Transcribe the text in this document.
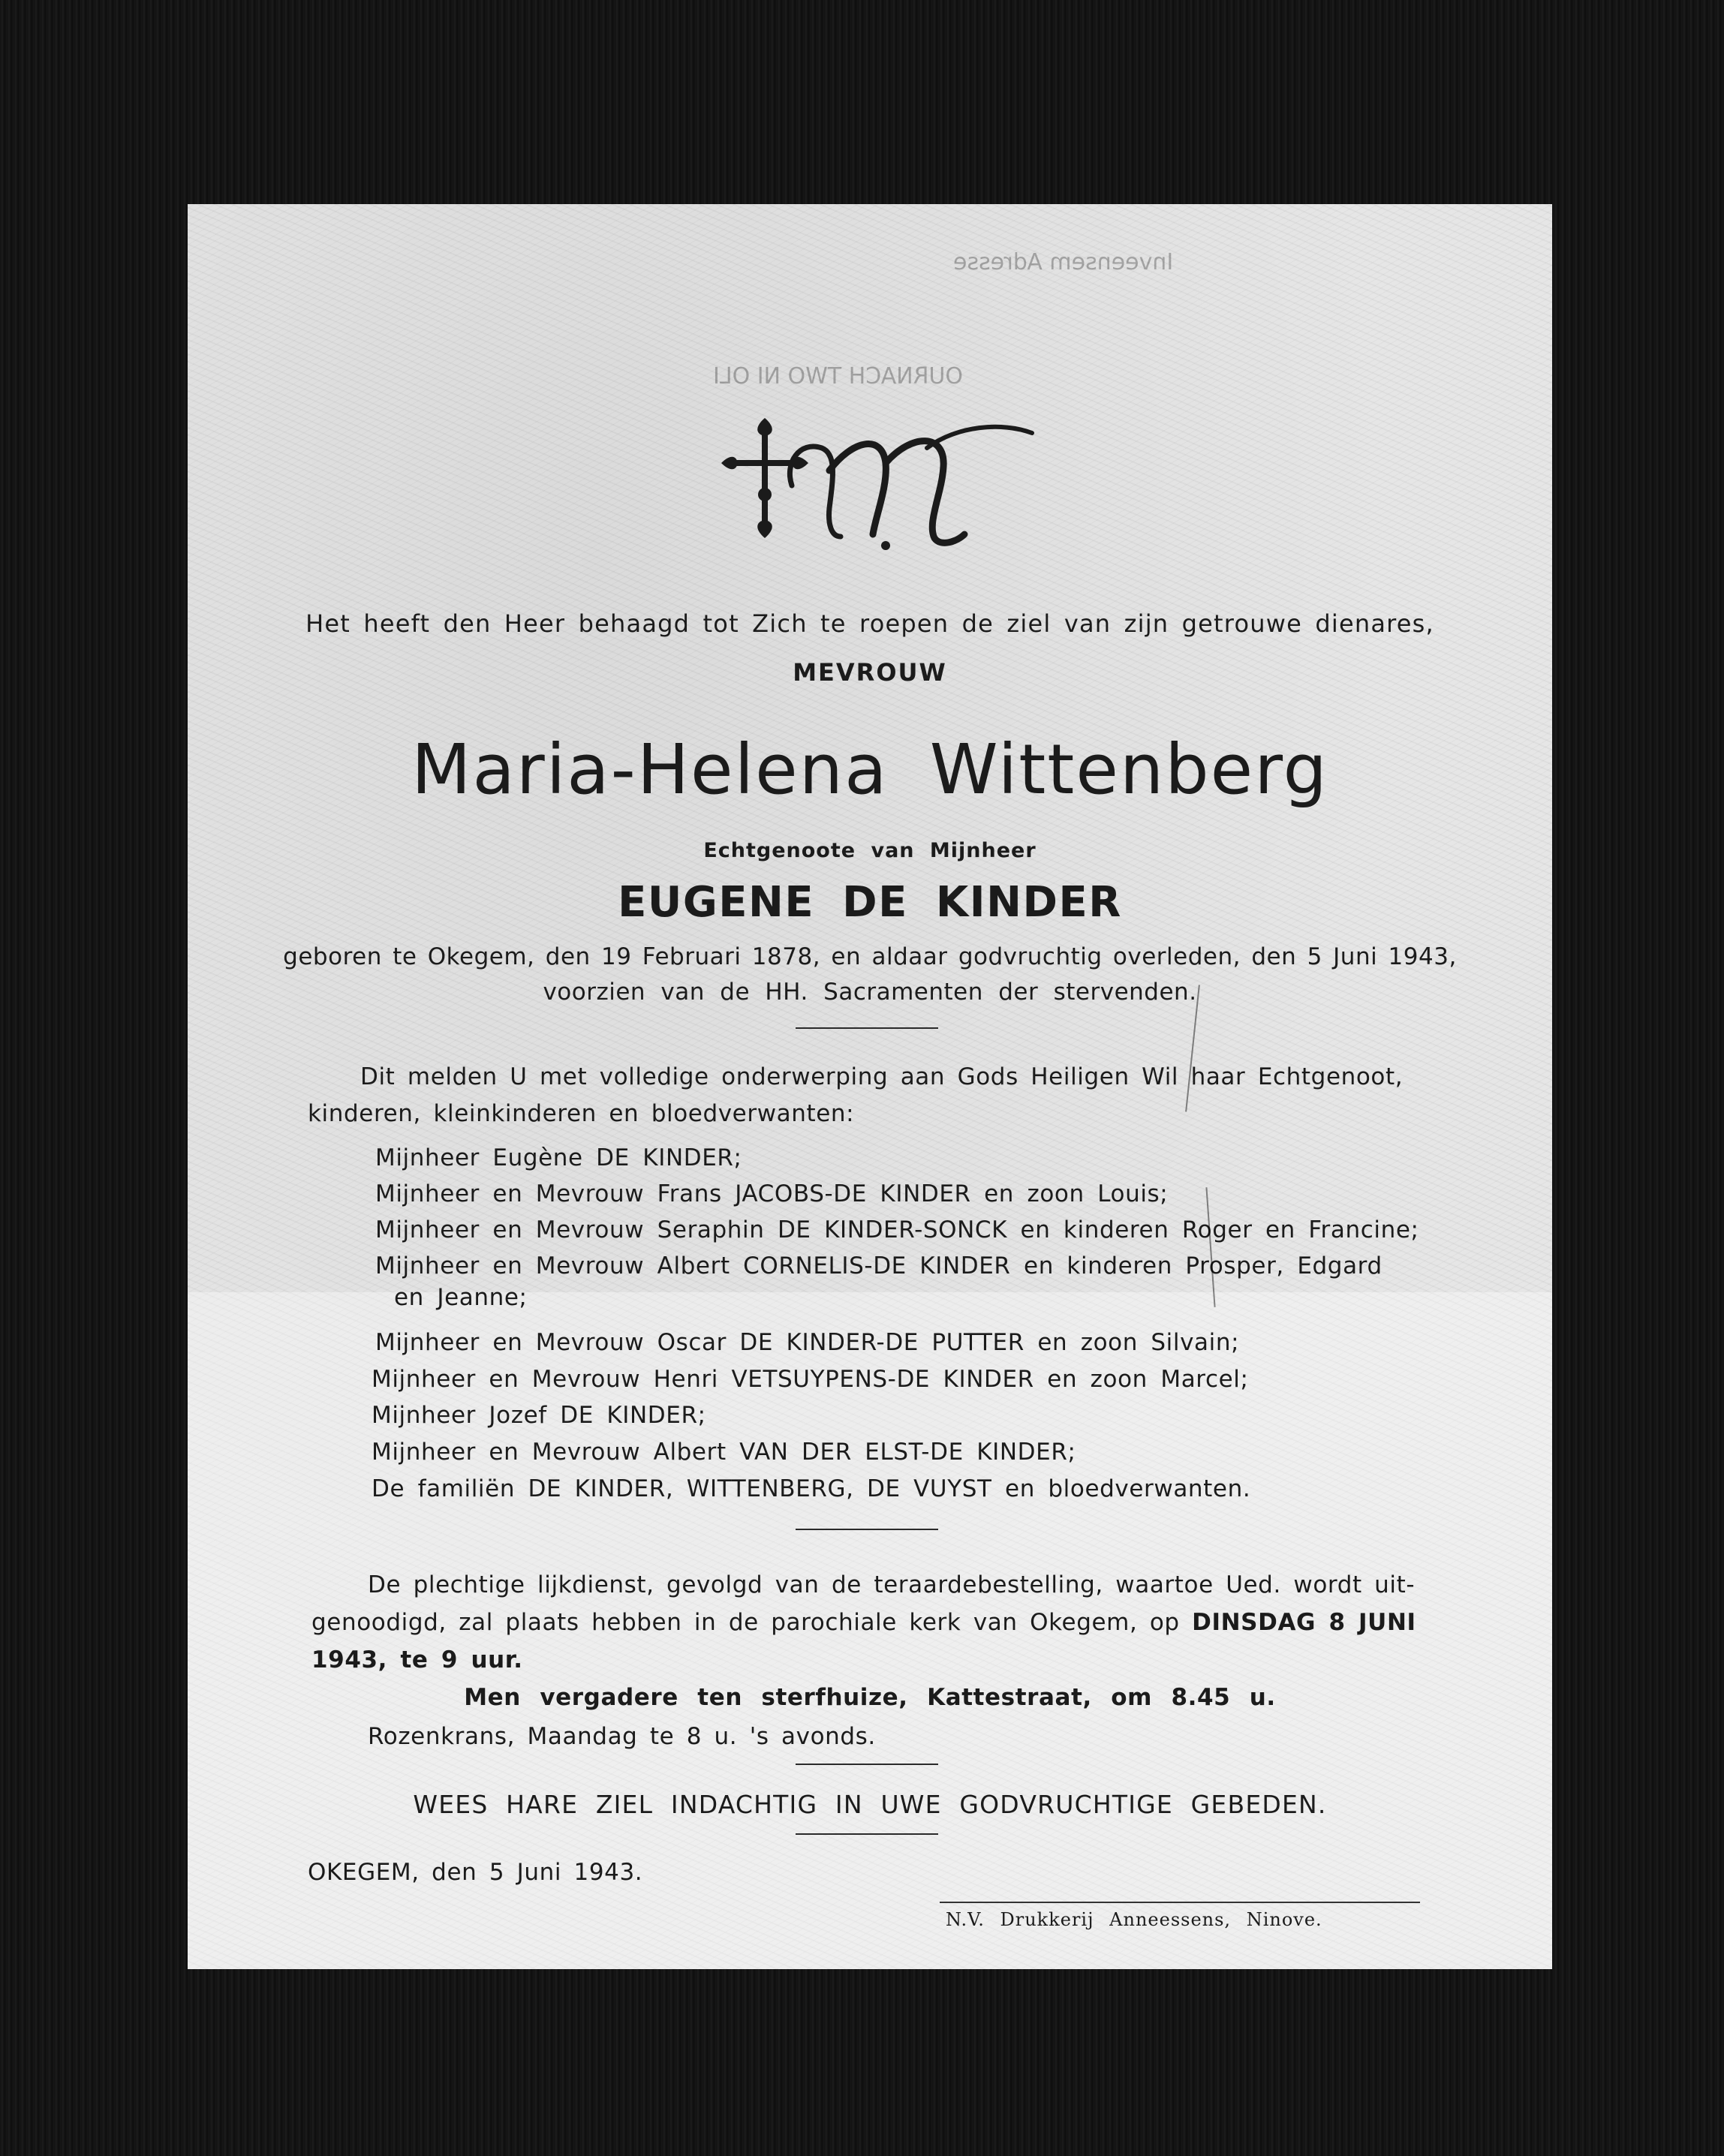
Inveensem Adresse
OURNACH TWO NI OLI
Het heeft den Heer behaagd tot Zich te roepen de ziel van zijn getrouwe dienares,
MEVROUW
Maria-Helena Wittenberg
Echtgenoote van Mijnheer
EUGENE DE KINDER
geboren te Okegem, den 19 Februari 1878, en aldaar godvruchtig overleden, den 5 Juni 1943,
voorzien van de HH. Sacramenten der stervenden.
Dit melden U met volledige onderwerping aan Gods Heiligen Wil haar Echtgenoot,
kinderen, kleinkinderen en bloedverwanten:
Mijnheer Eugène DE KINDER;
Mijnheer en Mevrouw Frans JACOBS-DE KINDER en zoon Louis;
Mijnheer en Mevrouw Seraphin DE KINDER-SONCK en kinderen Roger en Francine;
Mijnheer en Mevrouw Albert CORNELIS-DE KINDER en kinderen Prosper, Edgard
en Jeanne;
Mijnheer en Mevrouw Oscar DE KINDER-DE PUTTER en zoon Silvain;
Mijnheer en Mevrouw Henri VETSUYPENS-DE KINDER en zoon Marcel;
Mijnheer Jozef DE KINDER;
Mijnheer en Mevrouw Albert VAN DER ELST-DE KINDER;
De familiën DE KINDER, WITTENBERG, DE VUYST en bloedverwanten.
De plechtige lijkdienst, gevolgd van de teraardebestelling, waartoe Ued. wordt uit-
genoodigd, zal plaats hebben in de parochiale kerk van Okegem, op DINSDAG 8 JUNI
1943, te 9 uur.
Men vergadere ten sterfhuize, Kattestraat, om 8.45 u.
Rozenkrans, Maandag te 8 u. 's avonds.
WEES HARE ZIEL INDACHTIG IN UWE GODVRUCHTIGE GEBEDEN.
OKEGEM, den 5 Juni 1943.
N.V. Drukkerij Anneessens, Ninove.
